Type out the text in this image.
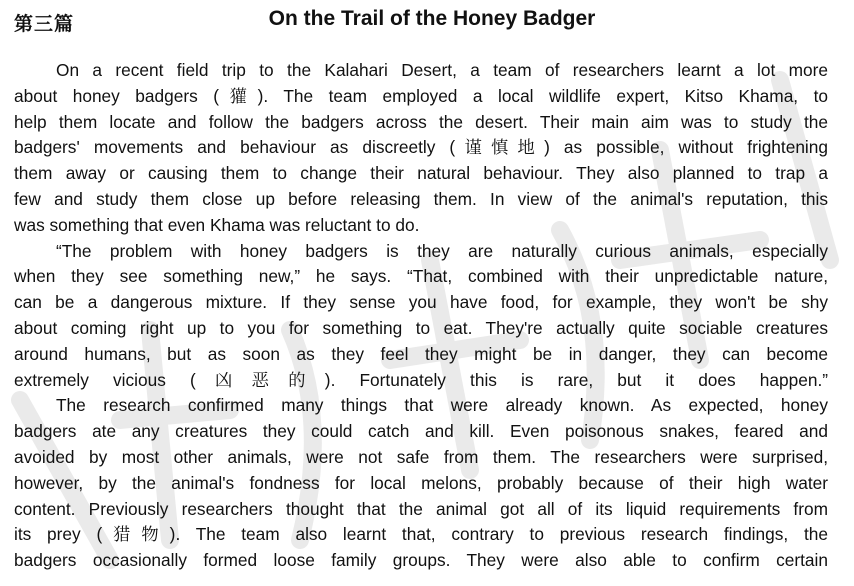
第三篇	On the Trail of the Honey Badger
On a recent field trip to the Kalahari Desert, a team of researchers learnt a lot more
about honey badgers (獾). The team employed a local wildlife expert, Kitso Khama, to
help them locate and follow the badgers across the desert. Their main aim was to study the
badgers' movements and behaviour as discreetly (谨慎地) as possible, without frightening
them away or causing them to change their natural behaviour. They also planned to trap a
few and study them close up before releasing them. In view of the animal's reputation, this
was something that even Khama was reluctant to do.
“The problem with honey badgers is they are naturally curious animals, especially
when they see something new,” he says. “That, combined with their unpredictable nature,
can be a dangerous mixture. If they sense you have food, for example, they won't be shy
about coming right up to you for something to eat. They're actually quite sociable creatures
around humans, but as soon as they feel they might be in danger, they can become
extremely vicious (凶恶的). Fortunately this is rare, but it does happen.”
The research confirmed many things that were already known. As expected, honey
badgers ate any creatures they could catch and kill. Even poisonous snakes, feared and
avoided by most other animals, were not safe from them. The researchers were surprised,
however, by the animal's fondness for local melons, probably because of their high water
content. Previously researchers thought that the animal got all of its liquid requirements from
its prey (猎物). The team also learnt that, contrary to previous research findings, the
badgers occasionally formed loose family groups. They were also able to confirm certain
